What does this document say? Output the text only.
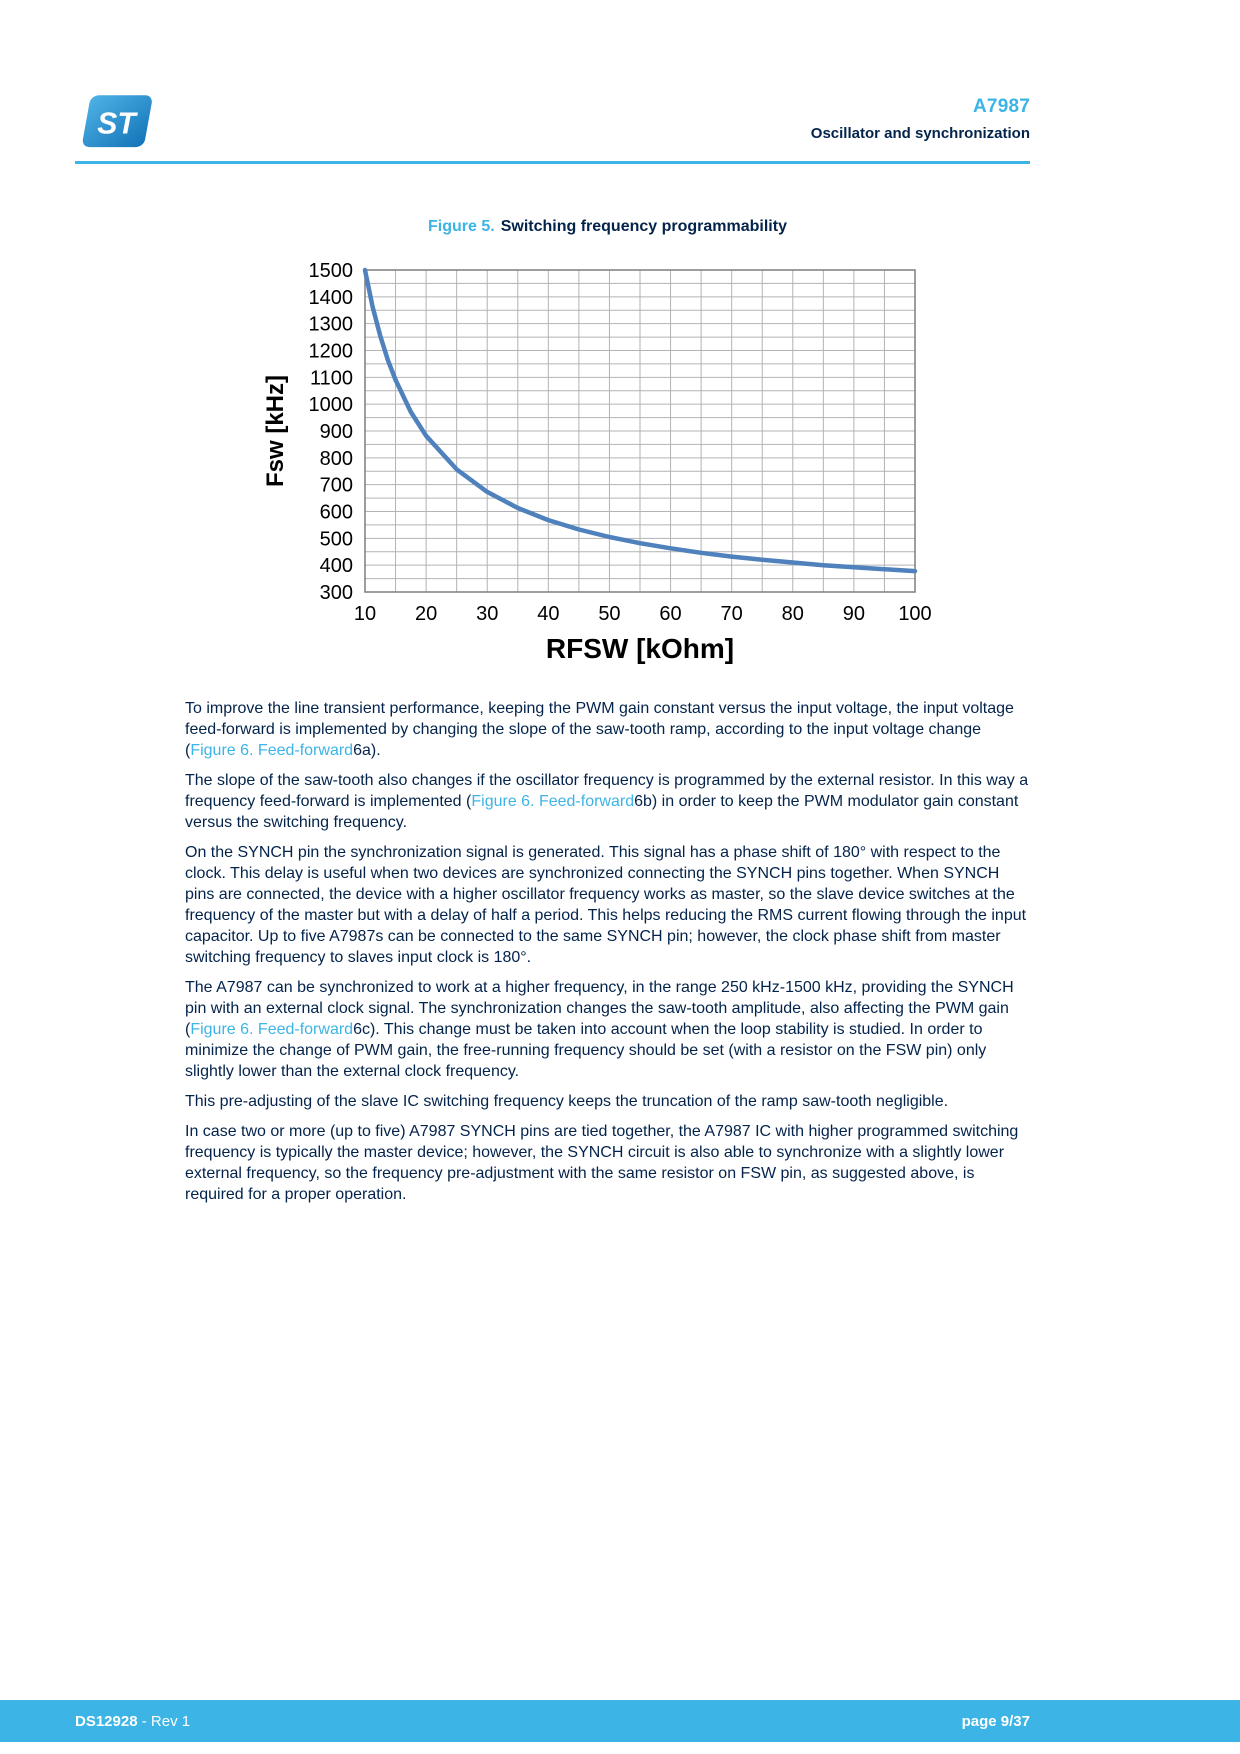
ST
A7987
Oscillator and synchronization
Figure 5. Switching frequency programmability
300
400
500
600
700
800
900
1000
1100
1200
1300
1400
1500
10 20 30 40 50 60 70 80 90 100
RFSW [kOhm]
Fsw [kHz]

To improve the line transient performance, keeping the PWM gain constant versus the input voltage, the input voltage feed-forward is implemented by changing the slope of the saw-tooth ramp, according to the input voltage change (Figure 6. Feed-forward6a).

The slope of the saw-tooth also changes if the oscillator frequency is programmed by the external resistor. In this way a frequency feed-forward is implemented (Figure 6. Feed-forward6b) in order to keep the PWM modulator gain constant versus the switching frequency.

On the SYNCH pin the synchronization signal is generated. This signal has a phase shift of 180° with respect to the clock. This delay is useful when two devices are synchronized connecting the SYNCH pins together. When SYNCH pins are connected, the device with a higher oscillator frequency works as master, so the slave device switches at the frequency of the master but with a delay of half a period. This helps reducing the RMS current flowing through the input capacitor. Up to five A7987s can be connected to the same SYNCH pin; however, the clock phase shift from master switching frequency to slaves input clock is 180°.

The A7987 can be synchronized to work at a higher frequency, in the range 250 kHz-1500 kHz, providing the SYNCH pin with an external clock signal. The synchronization changes the saw-tooth amplitude, also affecting the PWM gain (Figure 6. Feed-forward6c). This change must be taken into account when the loop stability is studied. In order to minimize the change of PWM gain, the free-running frequency should be set (with a resistor on the FSW pin) only slightly lower than the external clock frequency.

This pre-adjusting of the slave IC switching frequency keeps the truncation of the ramp saw-tooth negligible.

In case two or more (up to five) A7987 SYNCH pins are tied together, the A7987 IC with higher programmed switching frequency is typically the master device; however, the SYNCH circuit is also able to synchronize with a slightly lower external frequency, so the frequency pre-adjustment with the same resistor on FSW pin, as suggested above, is required for a proper operation.

DS12928 - Rev 1	page 9/37
